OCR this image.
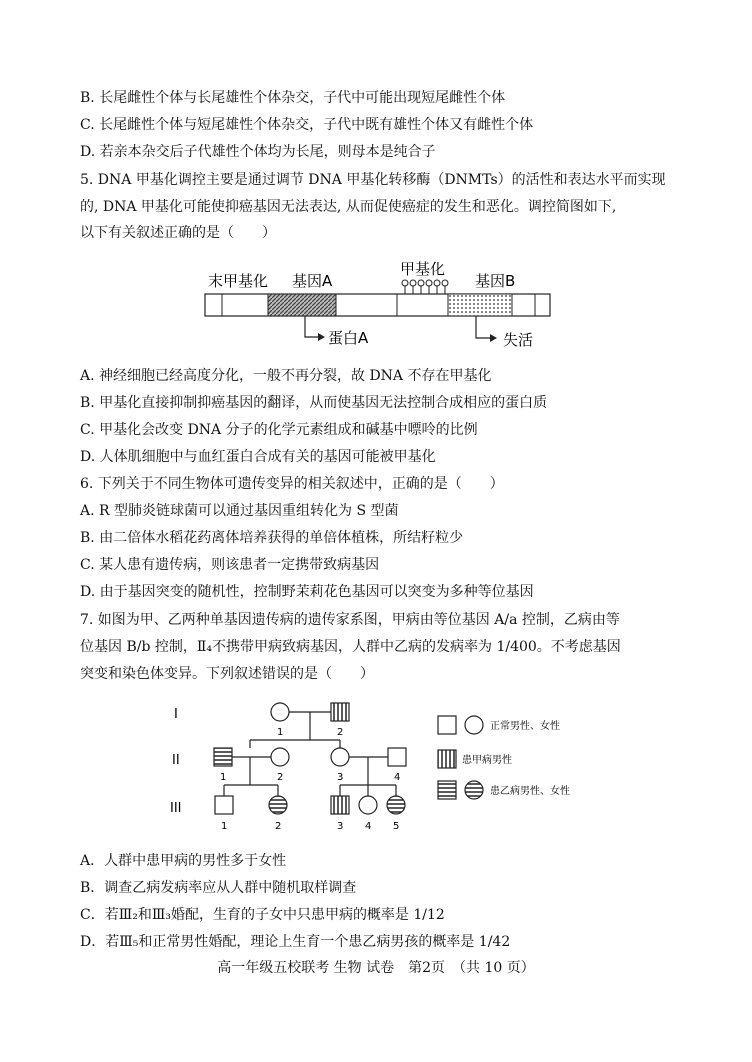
B. 长尾雌性个体与长尾雄性个体杂交，子代中可能出现短尾雌性个体
C. 长尾雌性个体与短尾雄性个体杂交，子代中既有雄性个体又有雌性个体
D. 若亲本杂交后子代雄性个体均为长尾，则母本是纯合子
5. DNA 甲基化调控主要是通过调节 DNA 甲基化转移酶（DNMTs）的活性和表达水平而实现
的, DNA 甲基化可能使抑癌基因无法表达, 从而促使癌症的发生和恶化。调控简图如下,
以下有关叙述正确的是（　　）
末甲基化 基因A
甲基化
基因B
蛋白A	失活
A. 神经细胞已经高度分化，一般不再分裂，故 DNA 不存在甲基化
B. 甲基化直接抑制抑癌基因的翻译，从而使基因无法控制合成相应的蛋白质
C. 甲基化会改变 DNA 分子的化学元素组成和碱基中嘌呤的比例
D. 人体肌细胞中与血红蛋白合成有关的基因可能被甲基化
6. 下列关于不同生物体可遗传变异的相关叙述中，正确的是（　　）
A. R 型肺炎链球菌可以通过基因重组转化为 S 型菌
B. 由二倍体水稻花药离体培养获得的单倍体植株，所结籽粒少
C. 某人患有遗传病，则该患者一定携带致病基因
D. 由于基因突变的随机性，控制野茉莉花色基因可以突变为多种等位基因
7. 如图为甲、乙两种单基因遗传病的遗传家系图，甲病由等位基因 A/a 控制，乙病由等
位基因 B/b 控制，Ⅱ₄不携带甲病致病基因，人群中乙病的发病率为 1/400。不考虑基因
突变和染色体变异。下列叙述错误的是（　　）
I
II
III
1	2
1	2	3	4
1	2	3 4 5
正常男性、女性
患甲病男性
患乙病男性、女性
A．人群中患甲病的男性多于女性
B．调查乙病发病率应从人群中随机取样调查
C．若Ⅲ₂和Ⅲ₃婚配，生育的子女中只患甲病的概率是 1/12
D．若Ⅲ₅和正常男性婚配，理论上生育一个患乙病男孩的概率是 1/42
高一年级五校联考 生物 试卷　第2页　（共 10 页）
